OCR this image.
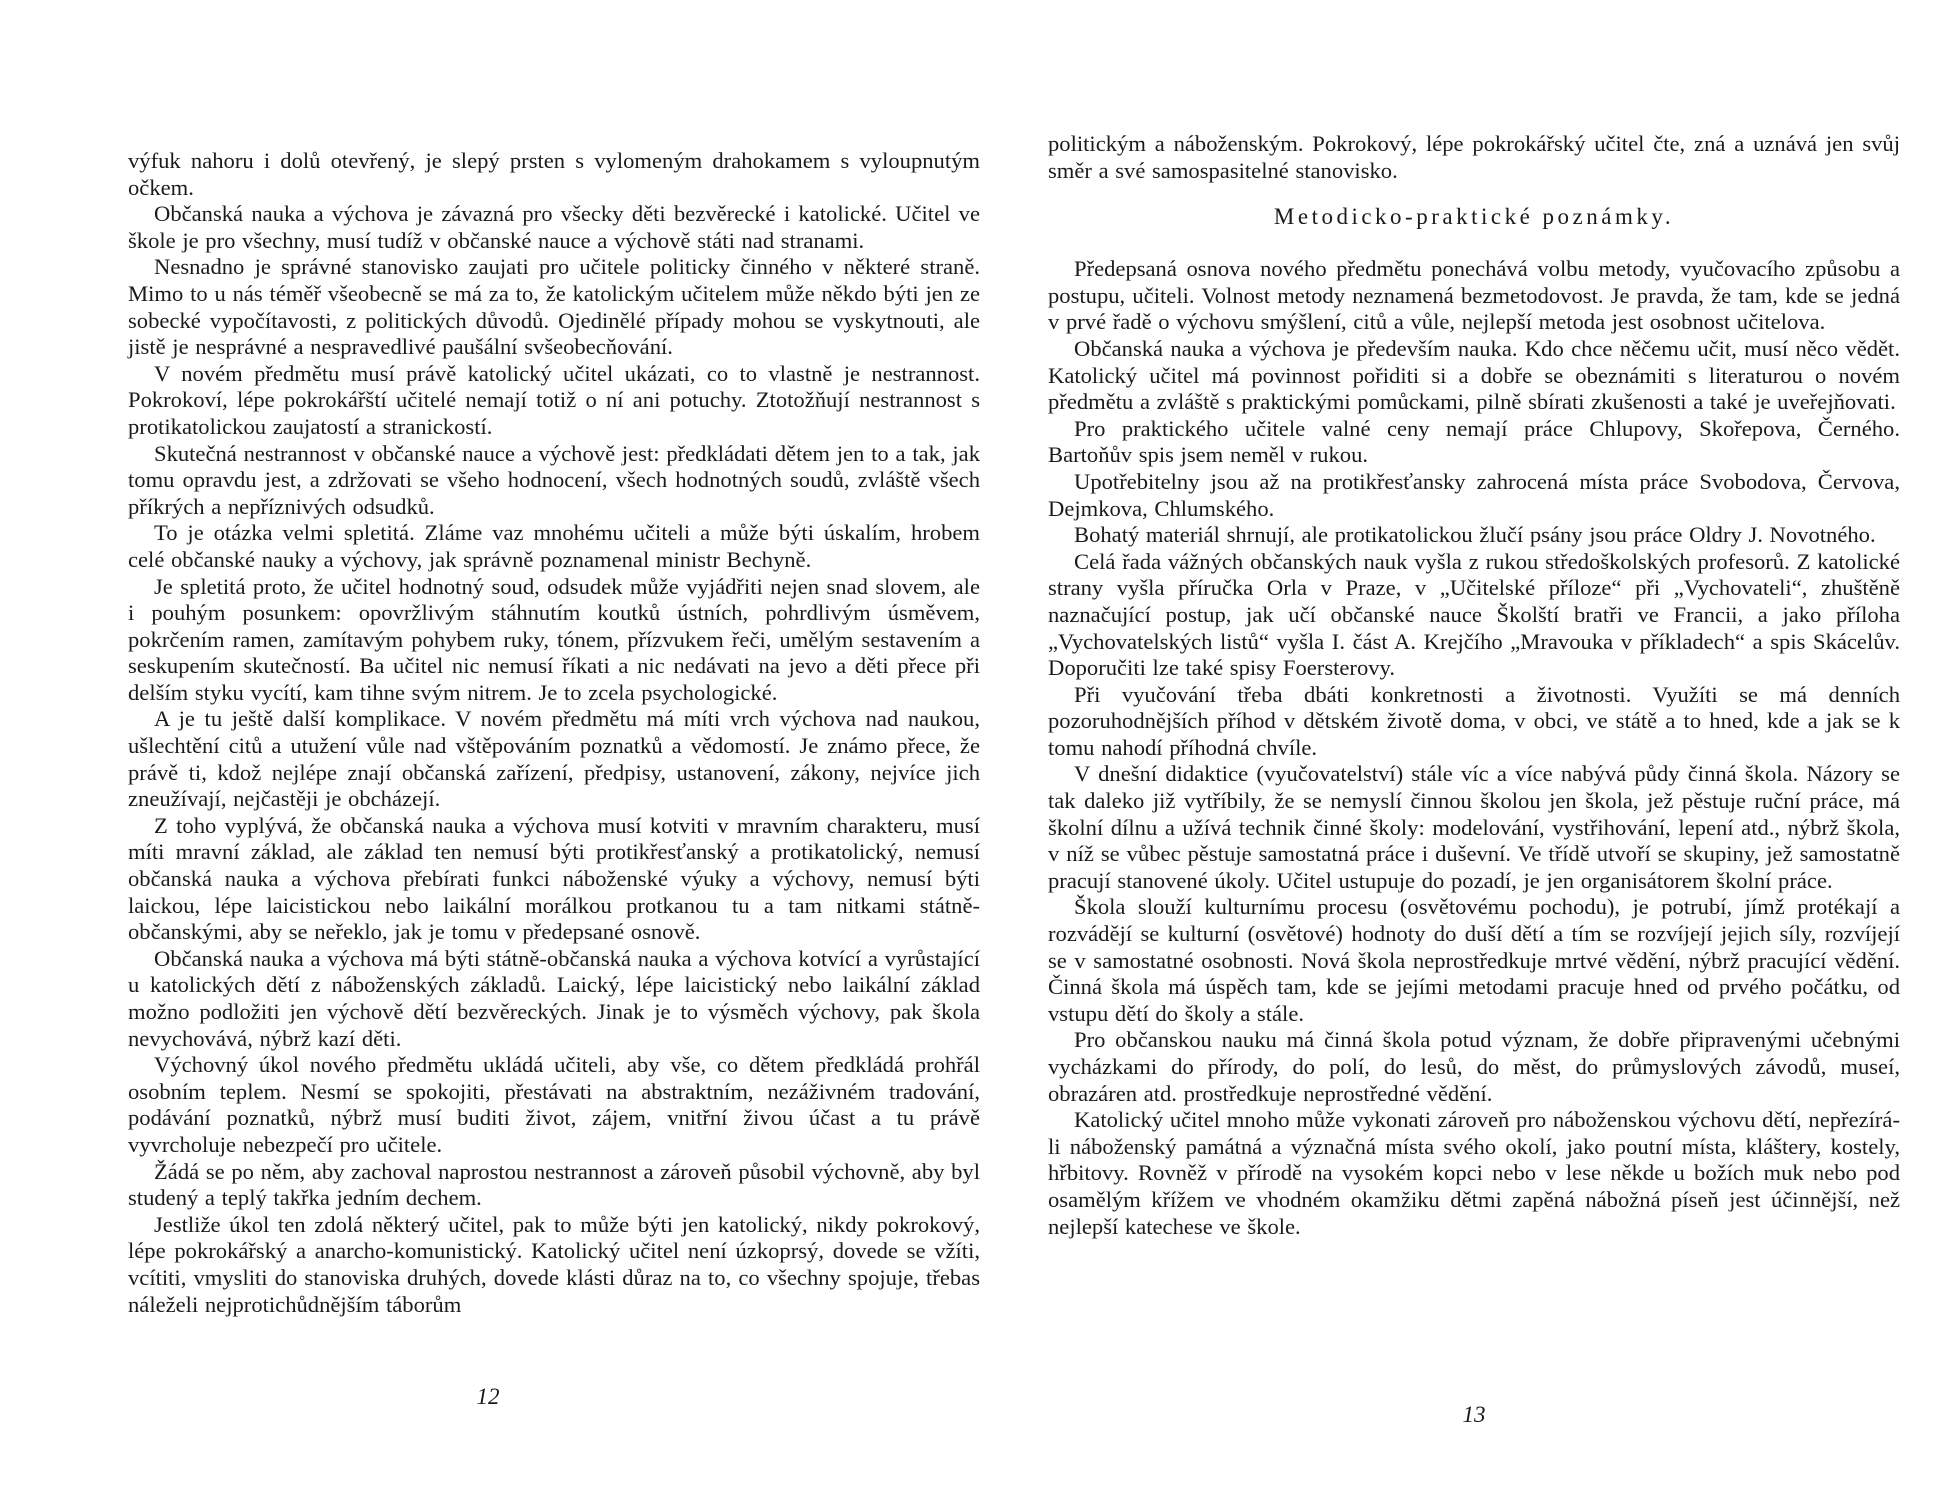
výfuk nahoru i dolů otevřený, je slepý prsten s vylomeným drahokamem s vyloupnutým očkem.

Občanská nauka a výchova je závazná pro všecky děti bezvěrecké i katolické. Učitel ve škole je pro všechny, musí tudíž v občanské nauce a výchově státi nad stranami.

Nesnadno je správné stanovisko zaujati pro učitele politicky činného v některé straně. Mimo to u nás téměř všeobecně se má za to, že katolickým učitelem může někdo býti jen ze sobecké vypočítavosti, z politických důvodů. Ojedinělé případy mohou se vyskytnouti, ale jistě je nesprávné a nespravedlivé paušální svšeobecňování.

V novém předmětu musí právě katolický učitel ukázati, co to vlastně je nestrannost. Pokrokoví, lépe pokrokářští učitelé nemají totiž o ní ani potuchy. Ztotožňují nestrannost s protikatolickou zaujatostí a stranickostí.

Skutečná nestrannost v občanské nauce a výchově jest: předkládati dětem jen to a tak, jak tomu opravdu jest, a zdržovati se všeho hodnocení, všech hodnotných soudů, zvláště všech příkrých a nepříznivých odsudků.

To je otázka velmi spletitá. Zláme vaz mnohému učiteli a může býti úskalím, hrobem celé občanské nauky a výchovy, jak správně poznamenal ministr Bechyně.

Je spletitá proto, že učitel hodnotný soud, odsudek může vyjádřiti nejen snad slovem, ale i pouhým posunkem: opovržlivým stáhnutím koutků ústních, pohrdlivým úsměvem, pokrčením ramen, zamítavým pohybem ruky, tónem, přízvukem řeči, umělým sestavením a seskupením skutečností. Ba učitel nic nemusí říkati a nic nedávati na jevo a děti přece při delším styku vycítí, kam tihne svým nitrem. Je to zcela psychologické.

A je tu ještě další komplikace. V novém předmětu má míti vrch výchova nad naukou, ušlechtění citů a utužení vůle nad vštěpováním poznatků a vědomostí. Je známo přece, že právě ti, kdož nejlépe znají občanská zařízení, předpisy, ustanovení, zákony, nejvíce jich zneužívají, nejčastěji je obcházejí.

Z toho vyplývá, že občanská nauka a výchova musí kotviti v mravním charakteru, musí míti mravní základ, ale základ ten nemusí býti protikřesťanský a protikatolický, nemusí občanská nauka a výchova přebírati funkci náboženské výuky a výchovy, nemusí býti laickou, lépe laicistickou nebo laikální morálkou protkanou tu a tam nitkami státně-občanskými, aby se neřeklo, jak je tomu v předepsané osnově.

Občanská nauka a výchova má býti státně-občanská nauka a výchova kotvící a vyrůstající u katolických dětí z náboženských základů. Laický, lépe laicistický nebo laikální základ možno podložiti jen výchově dětí bezvěreckých. Jinak je to výsměch výchovy, pak škola nevychovává, nýbrž kazí děti.

Výchovný úkol nového předmětu ukládá učiteli, aby vše, co dětem předkládá prohřál osobním teplem. Nesmí se spokojiti, přestávati na abstraktním, nezáživném tradování, podávání poznatků, nýbrž musí buditi život, zájem, vnitřní živou účast a tu právě vyvrcholuje nebezpečí pro učitele.

Žádá se po něm, aby zachoval naprostou nestrannost a zároveň působil výchovně, aby byl studený a teplý takřka jedním dechem.

Jestliže úkol ten zdolá některý učitel, pak to může býti jen katolický, nikdy pokrokový, lépe pokrokářský a anarcho-komunistický. Katolický učitel není úzkoprsý, dovede se vžíti, vcítiti, vmysliti do stanoviska druhých, dovede klásti důraz na to, co všechny spojuje, třebas náleželi nejprotichůdnějším táborům

12

politickým a náboženským. Pokrokový, lépe pokrokářský učitel čte, zná a uznává jen svůj směr a své samospasitelné stanovisko.

Metodicko-praktické poznámky.

Předepsaná osnova nového předmětu ponechává volbu metody, vyučovacího způsobu a postupu, učiteli. Volnost metody neznamená bezmetodovost. Je pravda, že tam, kde se jedná v prvé řadě o výchovu smýšlení, citů a vůle, nejlepší metoda jest osobnost učitelova.

Občanská nauka a výchova je především nauka. Kdo chce něčemu učit, musí něco vědět. Katolický učitel má povinnost pořiditi si a dobře se obeznámiti s literaturou o novém předmětu a zvláště s praktickými pomůckami, pilně sbírati zkušenosti a také je uveřejňovati.

Pro praktického učitele valné ceny nemají práce Chlupovy, Skořepova, Černého. Bartoňův spis jsem neměl v rukou.

Upotřebitelny jsou až na protikřesťansky zahrocená místa práce Svobodova, Červova, Dejmkova, Chlumského.

Bohatý materiál shrnují, ale protikatolickou žlučí psány jsou práce Oldry J. Novotného.

Celá řada vážných občanských nauk vyšla z rukou středoškolských profesorů. Z katolické strany vyšla příručka Orla v Praze, v „Učitelské příloze“ při „Vychovateli“, zhuštěně naznačující postup, jak učí občanské nauce Školští bratři ve Francii, a jako příloha „Vychovatelských listů“ vyšla I. část A. Krejčího „Mravouka v příkladech“ a spis Skácelův. Doporučiti lze také spisy Foersterovy.

Při vyučování třeba dbáti konkretnosti a životnosti. Využíti se má denních pozoruhodnějších příhod v dětském životě doma, v obci, ve státě a to hned, kde a jak se k tomu nahodí příhodná chvíle.

V dnešní didaktice (vyučovatelství) stále víc a více nabývá půdy činná škola. Názory se tak daleko již vytříbily, že se nemyslí činnou školou jen škola, jež pěstuje ruční práce, má školní dílnu a užívá technik činné školy: modelování, vystřihování, lepení atd., nýbrž škola, v níž se vůbec pěstuje samostatná práce i duševní. Ve třídě utvoří se skupiny, jež samostatně pracují stanovené úkoly. Učitel ustupuje do pozadí, je jen organisátorem školní práce.

Škola slouží kulturnímu procesu (osvětovému pochodu), je potrubí, jímž protékají a rozvádějí se kulturní (osvětové) hodnoty do duší dětí a tím se rozvíjejí jejich síly, rozvíjejí se v samostatné osobnosti. Nová škola neprostředkuje mrtvé vědění, nýbrž pracující vědění. Činná škola má úspěch tam, kde se jejími metodami pracuje hned od prvého počátku, od vstupu dětí do školy a stále.

Pro občanskou nauku má činná škola potud význam, že dobře připravenými učebnými vycházkami do přírody, do polí, do lesů, do měst, do průmyslových závodů, museí, obrazáren atd. prostředkuje neprostředné vědění.

Katolický učitel mnoho může vykonati zároveň pro náboženskou výchovu dětí, nepřezírá-li náboženský památná a význačná místa svého okolí, jako poutní místa, kláštery, kostely, hřbitovy. Rovněž v přírodě na vysokém kopci nebo v lese někde u božích muk nebo pod osamělým křížem ve vhodném okamžiku dětmi zapěná nábožná píseň jest účinnější, než nejlepší katechese ve škole.

13
